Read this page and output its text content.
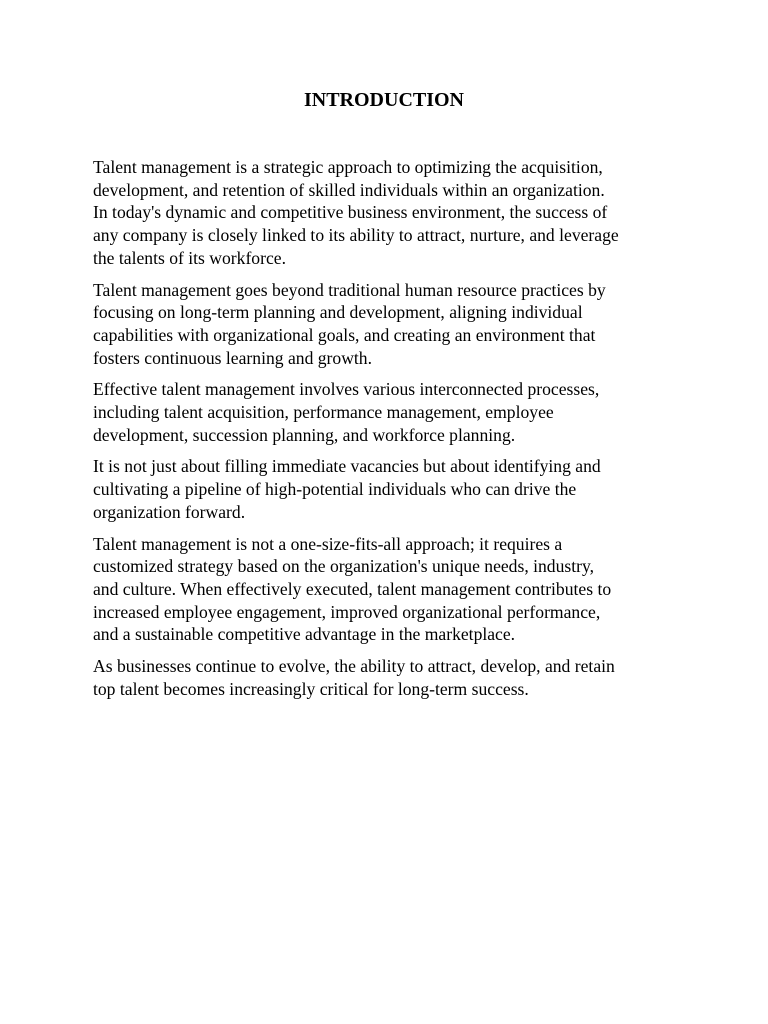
INTRODUCTION

Talent management is a strategic approach to optimizing the acquisition,
development, and retention of skilled individuals within an organization.
In today's dynamic and competitive business environment, the success of
any company is closely linked to its ability to attract, nurture, and leverage
the talents of its workforce.

Talent management goes beyond traditional human resource practices by
focusing on long-term planning and development, aligning individual
capabilities with organizational goals, and creating an environment that
fosters continuous learning and growth.

Effective talent management involves various interconnected processes,
including talent acquisition, performance management, employee
development, succession planning, and workforce planning.

It is not just about filling immediate vacancies but about identifying and
cultivating a pipeline of high-potential individuals who can drive the
organization forward.

Talent management is not a one-size-fits-all approach; it requires a
customized strategy based on the organization's unique needs, industry,
and culture. When effectively executed, talent management contributes to
increased employee engagement, improved organizational performance,
and a sustainable competitive advantage in the marketplace.

As businesses continue to evolve, the ability to attract, develop, and retain
top talent becomes increasingly critical for long-term success.
